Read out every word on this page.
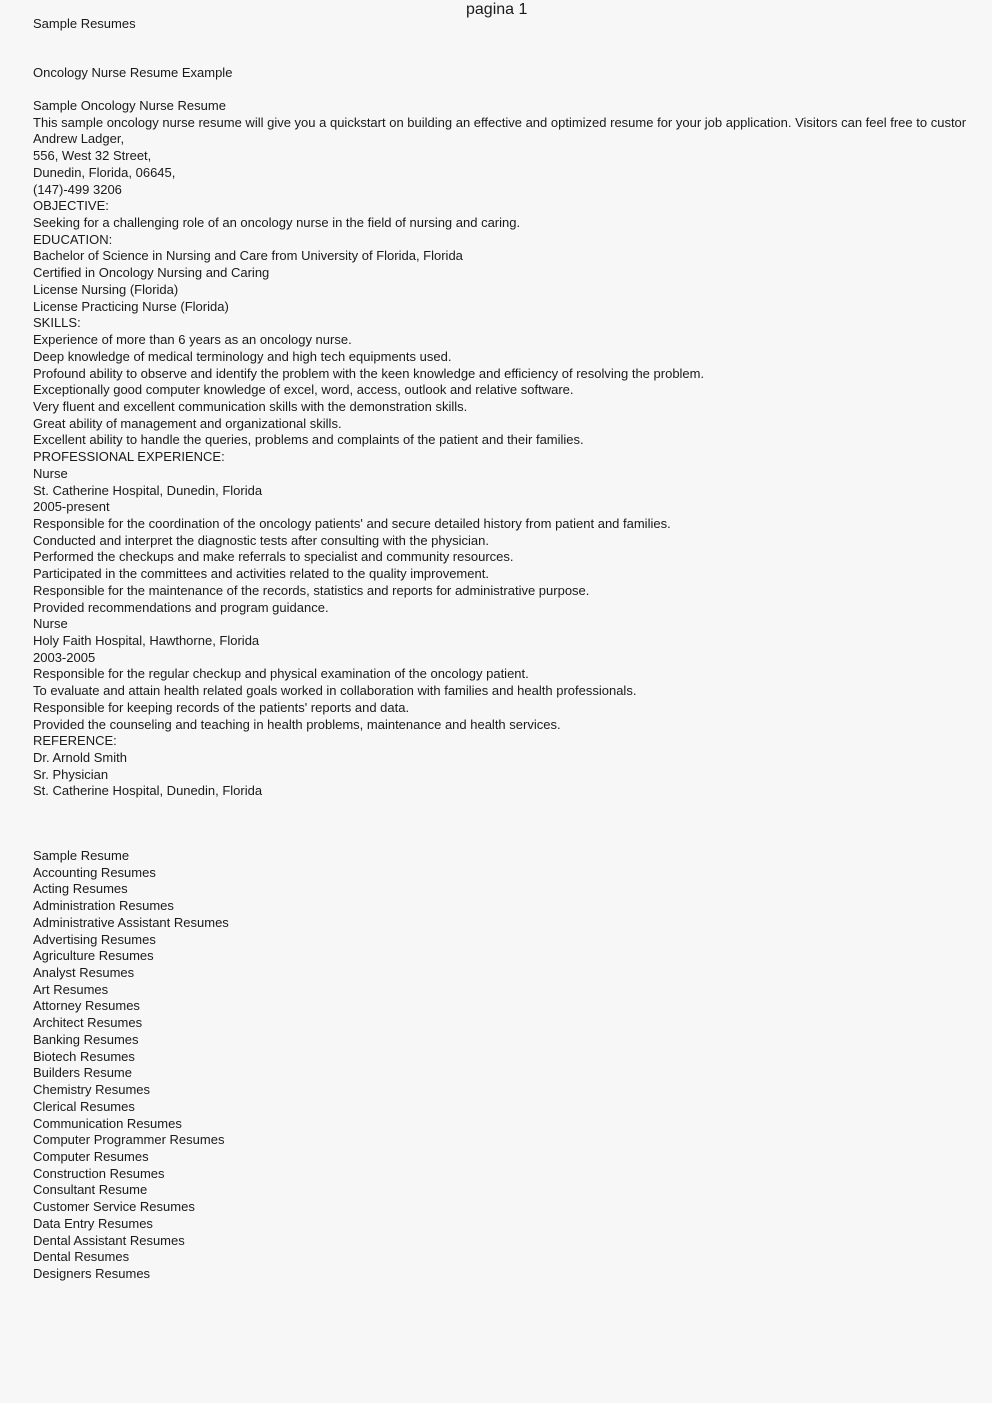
pagina 1
Sample Resumes
Oncology Nurse Resume Example
Sample Oncology Nurse Resume
This sample oncology nurse resume will give you a quickstart on building an effective and optimized resume for your job application. Visitors can feel free to custor
Andrew Ladger,
556, West 32 Street,
Dunedin, Florida, 06645,
(147)-499 3206
OBJECTIVE:
Seeking for a challenging role of an oncology nurse in the field of nursing and caring.
EDUCATION:
Bachelor of Science in Nursing and Care from University of Florida, Florida
Certified in Oncology Nursing and Caring
License Nursing (Florida)
License Practicing Nurse (Florida)
SKILLS:
Experience of more than 6 years as an oncology nurse.
Deep knowledge of medical terminology and high tech equipments used.
Profound ability to observe and identify the problem with the keen knowledge and efficiency of resolving the problem.
Exceptionally good computer knowledge of excel, word, access, outlook and relative software.
Very fluent and excellent communication skills with the demonstration skills.
Great ability of management and organizational skills.
Excellent ability to handle the queries, problems and complaints of the patient and their families.
PROFESSIONAL EXPERIENCE:
Nurse
St. Catherine Hospital, Dunedin, Florida
2005-present
Responsible for the coordination of the oncology patients' and secure detailed history from patient and families.
Conducted and interpret the diagnostic tests after consulting with the physician.
Performed the checkups and make referrals to specialist and community resources.
Participated in the committees and activities related to the quality improvement.
Responsible for the maintenance of the records, statistics and reports for administrative purpose.
Provided recommendations and program guidance.
Nurse
Holy Faith Hospital, Hawthorne, Florida
2003-2005
Responsible for the regular checkup and physical examination of the oncology patient.
To evaluate and attain health related goals worked in collaboration with families and health professionals.
Responsible for keeping records of the patients' reports and data.
Provided the counseling and teaching in health problems, maintenance and health services.
REFERENCE:
Dr. Arnold Smith
Sr. Physician
St. Catherine Hospital, Dunedin, Florida
Sample Resume
Accounting Resumes
Acting Resumes
Administration Resumes
Administrative Assistant Resumes
Advertising Resumes
Agriculture Resumes
Analyst Resumes
Art Resumes
Attorney Resumes
Architect Resumes
Banking Resumes
Biotech Resumes
Builders Resume
Chemistry Resumes
Clerical Resumes
Communication Resumes
Computer Programmer Resumes
Computer Resumes
Construction Resumes
Consultant Resume
Customer Service Resumes
Data Entry Resumes
Dental Assistant Resumes
Dental Resumes
Designers Resumes
